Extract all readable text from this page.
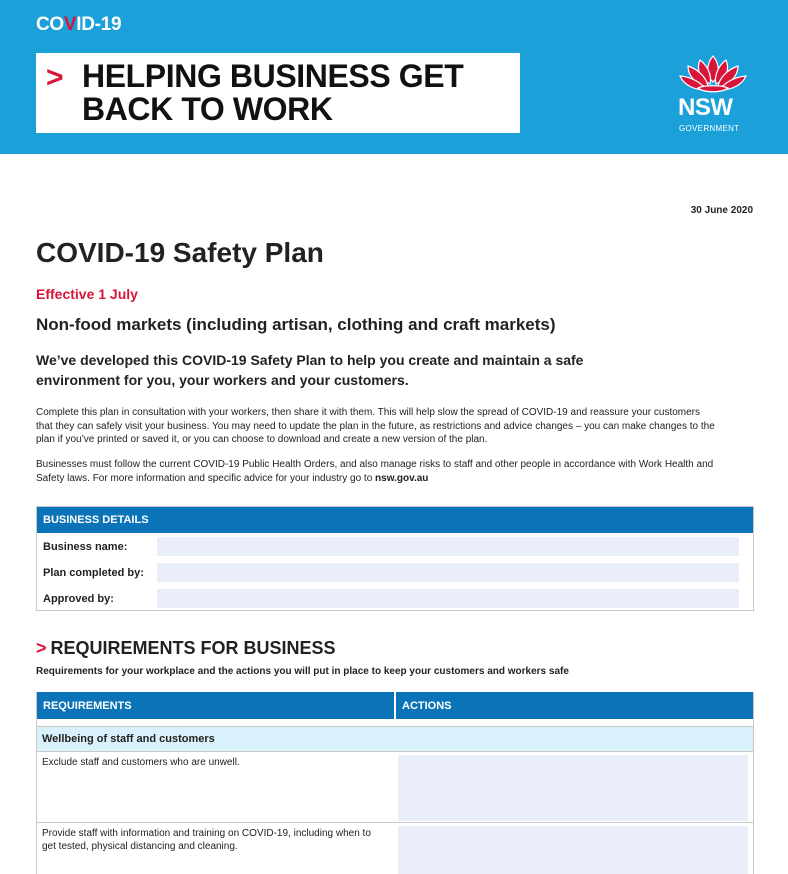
COVID-19
> HELPING BUSINESS GET BACK TO WORK	NSW
GOVERNMENT
30 June 2020
COVID-19 Safety Plan
Effective 1 July
Non-food markets (including artisan, clothing and craft markets)

We’ve developed this COVID-19 Safety Plan to help you create and maintain a safe environment for you, your workers and your customers.

Complete this plan in consultation with your workers, then share it with them. This will help slow the spread of COVID-19 and reassure your customers that they can safely visit your business. You may need to update the plan in the future, as restrictions and advice changes – you can make changes to the plan if you’ve printed or saved it, or you can choose to download and create a new version of the plan.

Businesses must follow the current COVID-19 Public Health Orders, and also manage risks to staff and other people in accordance with Work Health and Safety laws. For more information and specific advice for your industry go to nsw.gov.au

BUSINESS DETAILS
Business name:
Plan completed by:
Approved by:
> REQUIREMENTS FOR BUSINESS
Requirements for your workplace and the actions you will put in place to keep your customers and workers safe
REQUIREMENTS	ACTIONS
Wellbeing of staff and customers
Exclude staff and customers who are unwell.
Provide staff with information and training on COVID-19, including when to get tested, physical distancing and cleaning.
